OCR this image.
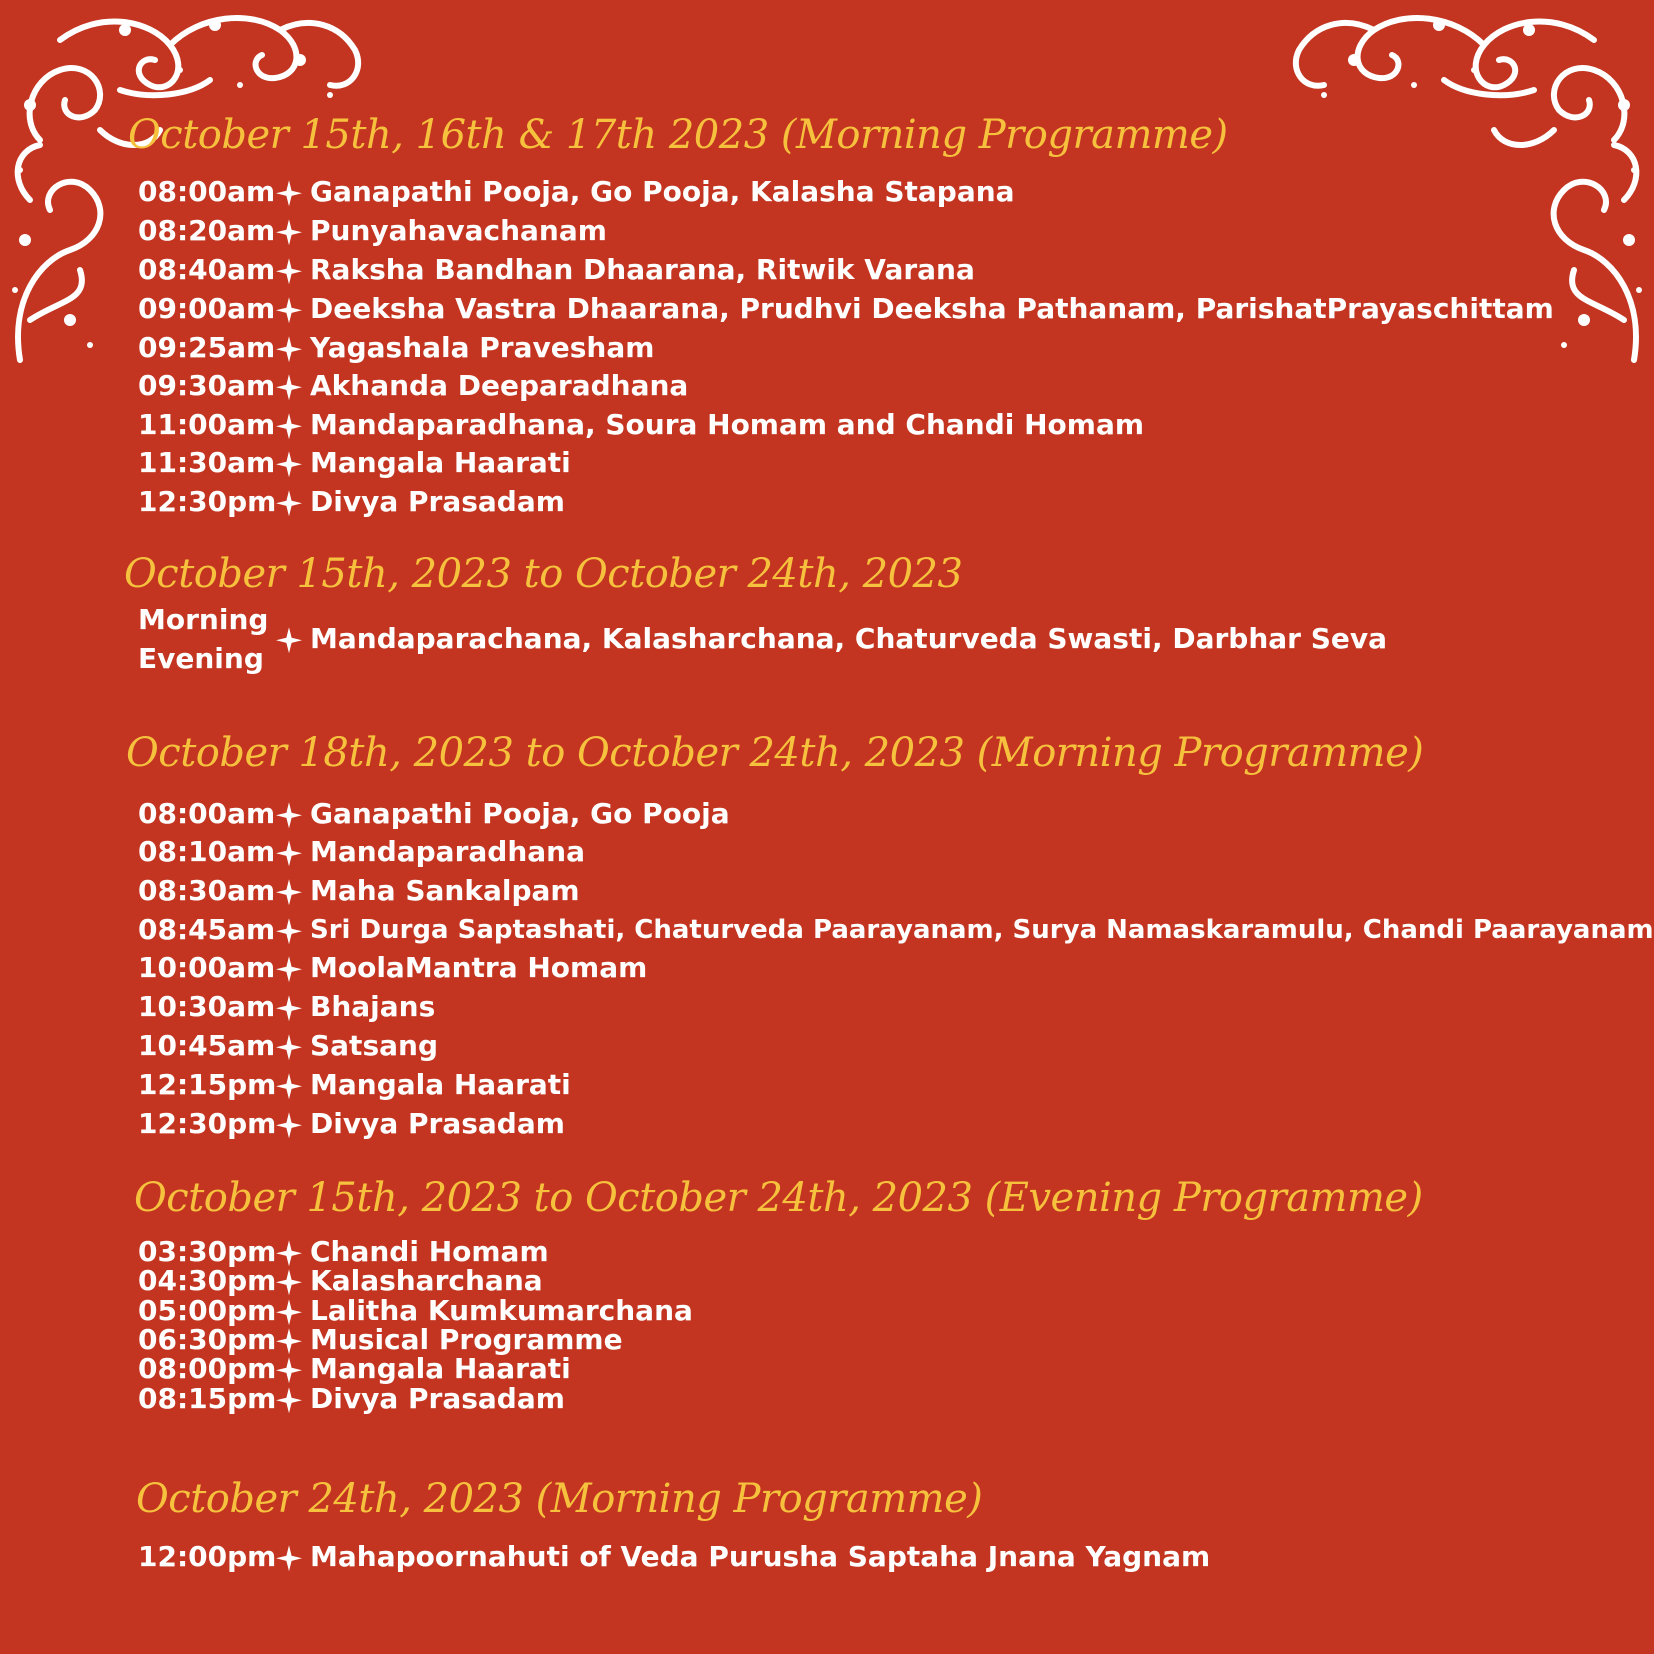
October 15th, 16th & 17th 2023 (Morning Programme)
08:00am Ganapathi Pooja, Go Pooja, Kalasha Stapana
08:20am Punyahavachanam
08:40am Raksha Bandhan Dhaarana, Ritwik Varana
09:00am Deeksha Vastra Dhaarana, Prudhvi Deeksha Pathanam, ParishatPrayaschittam
09:25am Yagashala Pravesham
09:30am Akhanda Deeparadhana
11:00am Mandaparadhana, Soura Homam and Chandi Homam
11:30am Mangala Haarati
12:30pm Divya Prasadam
October 15th, 2023 to October 24th, 2023
Morning
Evening
Mandaparachana, Kalasharchana, Chaturveda Swasti, Darbhar Seva
October 18th, 2023 to October 24th, 2023 (Morning Programme)
08:00am Ganapathi Pooja, Go Pooja
08:10am Mandaparadhana
08:30am Maha Sankalpam
08:45am Sri Durga Saptashati, Chaturveda Paarayanam, Surya Namaskaramulu, Chandi Paarayanam
10:00am MoolaMantra Homam
10:30am Bhajans
10:45am Satsang
12:15pm Mangala Haarati
12:30pm Divya Prasadam
October 15th, 2023 to October 24th, 2023 (Evening Programme)
03:30pm Chandi Homam
04:30pm Kalasharchana
05:00pm Lalitha Kumkumarchana
06:30pm Musical Programme
08:00pm Mangala Haarati
08:15pm Divya Prasadam
October 24th, 2023 (Morning Programme)
12:00pm Mahapoornahuti of Veda Purusha Saptaha Jnana Yagnam
